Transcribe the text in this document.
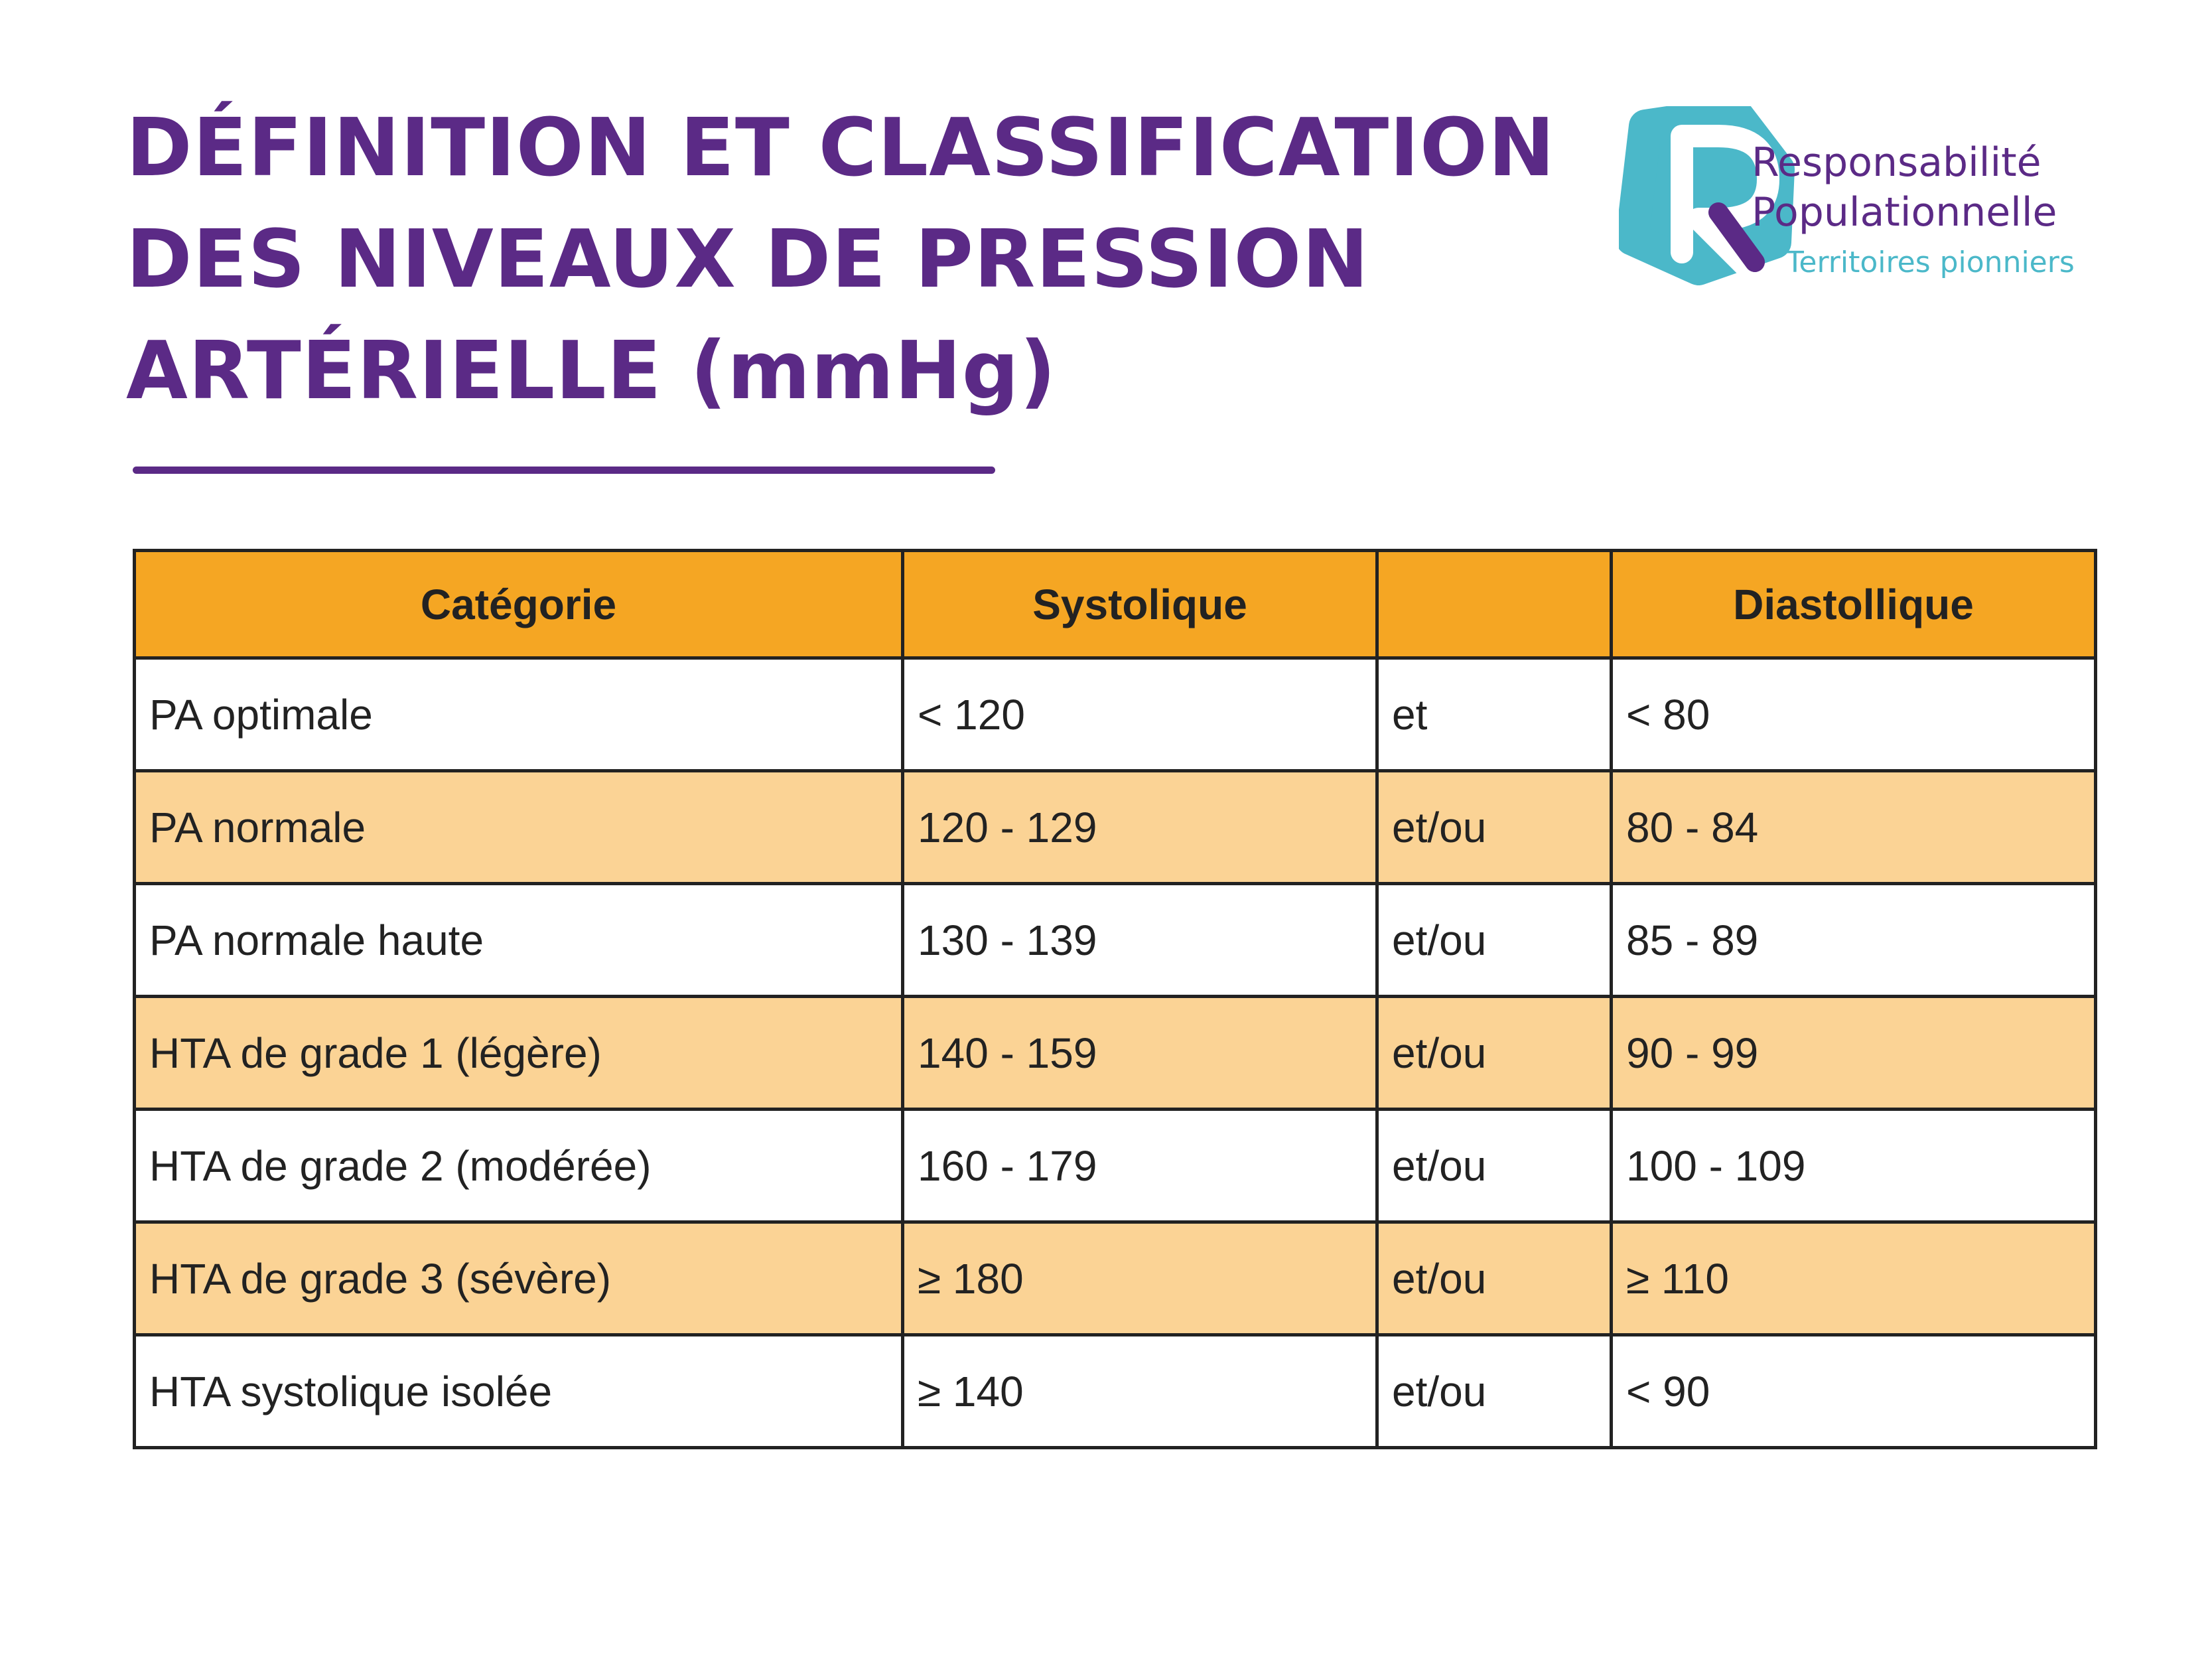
DÉFINITION ET CLASSIFICATION
DES NIVEAUX DE PRESSION
ARTÉRIELLE (mmHg)
Responsabilité
Populationnelle
Territoires pionniers
Catégorie	Systolique		Diastollique
PA optimale	< 120	et	< 80
PA normale	120 - 129	et/ou	80 - 84
PA normale haute	130 - 139	et/ou	85 - 89
HTA de grade 1 (légère)	140 - 159	et/ou	90 - 99
HTA de grade 2 (modérée)	160 - 179	et/ou	100 - 109
HTA de grade 3 (sévère)	≥ 180	et/ou	≥ 110
HTA systolique isolée	≥ 140	et/ou	< 90
